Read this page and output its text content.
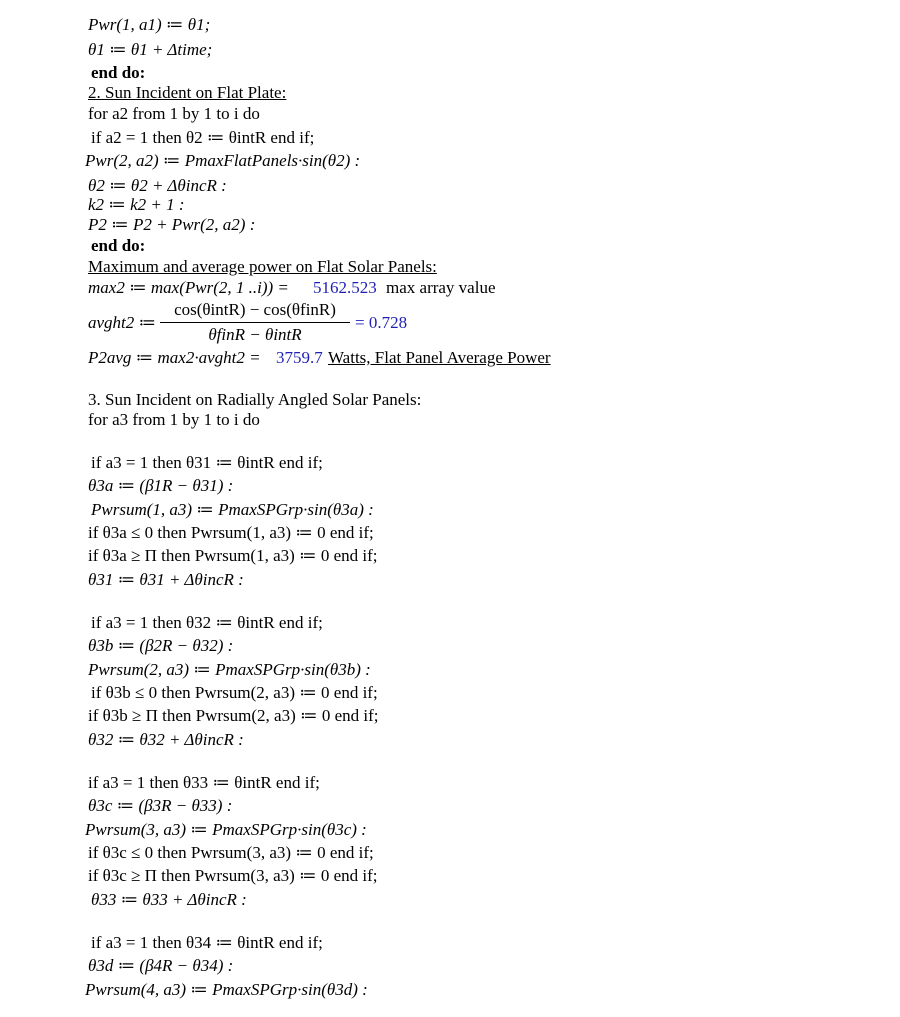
Pwr(1, a1) ≔ θ1;
θ1 ≔ θ1 + Δtime;
end do:
2. Sun Incident on Flat Plate:
for a2 from 1 by 1 to i do
if a2 = 1 then θ2 ≔ θintR end if;
Pwr(2, a2) ≔ PmaxFlatPanels·sin(θ2) :
θ2 ≔ θ2 + ΔθincR :
k2 ≔ k2 + 1 :
P2 ≔ P2 + Pwr(2, a2) :
end do:
Maximum and average power on Flat Solar Panels:
max2 ≔ max(Pwr(2, 1 ..i)) =
avght2 ≔
P2avg ≔ max2·avght2 =
3. Sun Incident on Radially Angled Solar Panels:
for a3 from 1 by 1 to i do
if a3 = 1 then θ31 ≔ θintR end if;
θ3a ≔ (β1R − θ31) :
Pwrsum(1, a3) ≔ PmaxSPGrp·sin(θ3a) :
if θ3a ≤ 0 then Pwrsum(1, a3) ≔ 0 end if;
if θ3a ≥ Π then Pwrsum(1, a3) ≔ 0 end if;
θ31 ≔ θ31 + ΔθincR :
if a3 = 1 then θ32 ≔ θintR end if;
θ3b ≔ (β2R − θ32) :
Pwrsum(2, a3) ≔ PmaxSPGrp·sin(θ3b) :
if θ3b ≤ 0 then Pwrsum(2, a3) ≔ 0 end if;
if θ3b ≥ Π then Pwrsum(2, a3) ≔ 0 end if;
θ32 ≔ θ32 + ΔθincR :
if a3 = 1 then θ33 ≔ θintR end if;
θ3c ≔ (β3R − θ33) :
Pwrsum(3, a3) ≔ PmaxSPGrp·sin(θ3c) :
if θ3c ≤ 0 then Pwrsum(3, a3) ≔ 0 end if;
if θ3c ≥ Π then Pwrsum(3, a3) ≔ 0 end if;
θ33 ≔ θ33 + ΔθincR :
if a3 = 1 then θ34 ≔ θintR end if;
θ3d ≔ (β4R − θ34) :
Pwrsum(4, a3) ≔ PmaxSPGrp·sin(θ3d) :
5162.523 max array value
cos(θintR) − cos(θfinR)
θfinR − θintR
= 0.728
3759.7 Watts, Flat Panel Average Power
